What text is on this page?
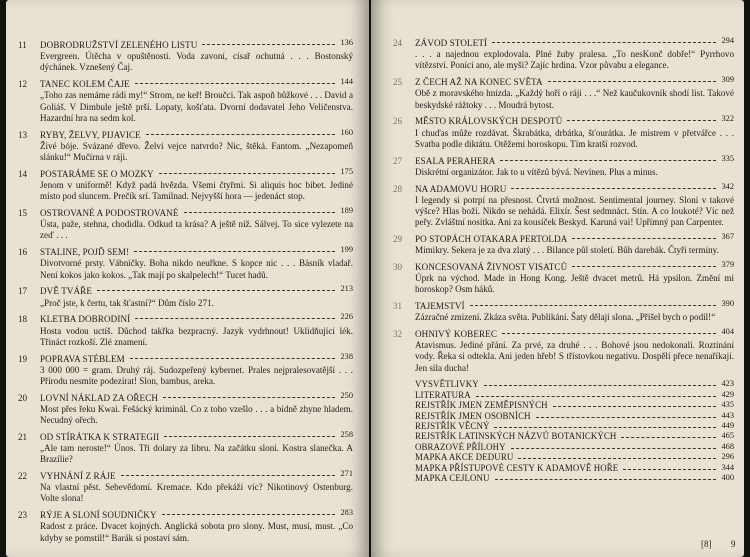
11	DOBRODRUŽSTVÍ ZELENÉHO LISTU	136
Evergreen. Útěcha v opuštěnosti. Voda zavoní, císař ochutná . . . Bostonský dýchánek. Vznešený Čaj.
12	TANEC KOLEM ČAJE	144
„Toho zas nemáme rádi my!“ Strom, ne keř! Broučci. Tak aspoň bůžkové . . . David a Goliáš. V Dimbule ještě prší. Lopaty, košťata. Dvorní dodavatel Jeho Veličenstva. Hazardní hra na sedm kol.
13	RYBY, ŽELVY, PIJAVICE	160
Živé bóje. Svázané dřevo. Želví vejce natvrdo? Nic, štěká. Fantom. „Nezapomeň slánku!“ Mučírna v ráji.
14	POSTARÁME SE O MOZKY	175
Jenom v uniformě! Když padá hvězda. Všemi čtyřmi. Si aliquis hoc bibet. Jediné místo pod sluncem. Prečík srí. Tamilnad. Nejvyšší hora — jedenáct stop.
15	OSTROVANÉ A PODOSTROVANÉ	189
Ústa, paže, stehna, chodidla. Odkud ta krása? A ještě níž. Sálvej. To sice vylezete na zeď . . .
16	STALINE, POJĎ SEM!	199
Divotvorné prsty. Vábničky. Boha nikdo neuřkne. S kopce nic . . . Básník vladař. Není kokos jako kokos. „Tak mají po skalpelech!“ Tucet hadů.
17	DVĚ TVÁŘE	213
„Proč jste, k čertu, tak šťastní?“ Dům číslo 271.
18	KLETBA DOBRODINÍ	226
Hosta vodou uctíš. Důchod takřka bezpracný. Jazyk vydrhnout! Uklidňující lék. Třináct rozkoší. Zlé znamení.
19	POPRAVA STÉBLEM	238
3 000 000 = gram. Druhý ráj. Sudozpeřený kybernet. Prales nejpralesovatější . . . Přírodu nesmíte podezírat! Slon, bambus, areka.
20	LOVNÍ NÁKLAD ZA OŘECH	250
Most přes řeku Kwai. Fešácký kriminál. Co z toho vzešlo . . . a bídně zhyne hladem. Necudný ořech.
21	OD STÍRÁTKA K STRATEGII	258
„Ale tam neroste!“ Únos. Tři dolary za libru. Na začátku sloni. Kostra slanečka. A Brazílie?
22	VYHNÁNÍ Z RÁJE	271
Na vlastní pěst. Sebevědomí. Kremace. Kdo překáží víc? Nikotinový Ostenburg. Volte slona!
23	RÝJE A SLONÍ SOUDNIČKY	283
Radost z práce. Dvacet kojných. Anglická sobota pro slony. Must, musí, must. „Co kdyby se pomstil!“ Barák si postaví sám.
24	ZÁVOD STOLETÍ	294
. . . a najednou explodovala. Plné žuby pralesa. „To nesKonč dobře!“ Pyrrhovo vítězství. Poníci ano, ale myši? Zajíc hrdina. Vzor půvabu a elegance.
25	Z ČECH AŽ NA KONEC SVĚTA	309
Obě z moravského hnízda. „Každý hoří o ráji . . .“ Než kaučukovník shodí list. Takové beskydské rážtoky . . . Moudrá bytost.
26	MĚSTO KRÁLOVSKÝCH DESPOTŮ	322
I chuďas může rozdávat. Škrabátka, drbátka, šťourátka. Je mistrem v přetvářce . . . Svatba podle diktátu. Otěžemi horoskopu. Tím kratší rozvod.
27	ESALA PERAHERA	335
Diskrétní organizátor. Jak to u vítězů bývá. Nevinen. Plus a minus.
28	NA ADAMOVU HORU	342
I legendy si potrpí na přesnost. Čtvrtá možnost. Sentimental journey. Sloni v takové výšce? Hlas boží. Nikdo se nehádá. Elixír. Šest sedmnáct. Stín. A co loukoté? Víc než peřy. Zvláštní nosítka. Ani za kousíček Beskyd. Karuná vai! Upřímný pan Carpenter.
29	PO STOPÁCH OTAKARA PERTOLDA	367
Mimikry. Sekera je za dva zlatý . . . Bilance půl století. Bůh darebák. Čtyři termíny.
30	KONCESOVANÁ ŽIVNOST VISATCŮ	379
Úprk na východ. Made in Hong Kong. Ještě dvacet metrů. Há ypsilon. Změní mi horoskop? Osm háků.
31	TAJEMSTVÍ	390
Zázračné zmizení. Zkáza světa. Publikání. Šaty dělají slona. „Přišel bych o podíl!“
32	OHNIVÝ KOBEREC	404
Atavismus. Jediné přání. Za prvé, za druhé . . . Bohové jsou nedokonalí. Roztínání vody. Řeka si odtekla. Ani jeden hřeb! S třístovkou negativu. Dospělí přece nenaříkají. Jen sila ducha!
VYSVĚTLIVKY	423
LITERATURA	429
REJSTŘÍK JMEN ZEMĚPISNÝCH	435
REJSTŘÍK JMEN OSOBNÍCH	443
REJSTŘÍK VĚCNÝ	449
REJSTŘÍK LATINSKÝCH NÁZVŮ BOTANICKÝCH	465
OBRAZOVÉ PŘÍLOHY	468
MAPKA AKCE DEDURU	296
MAPKA PŘÍSTUPOVÉ CESTY K ADAMOVĚ HOŘE	344
MAPKA CEJLONU	400
[8] 9
